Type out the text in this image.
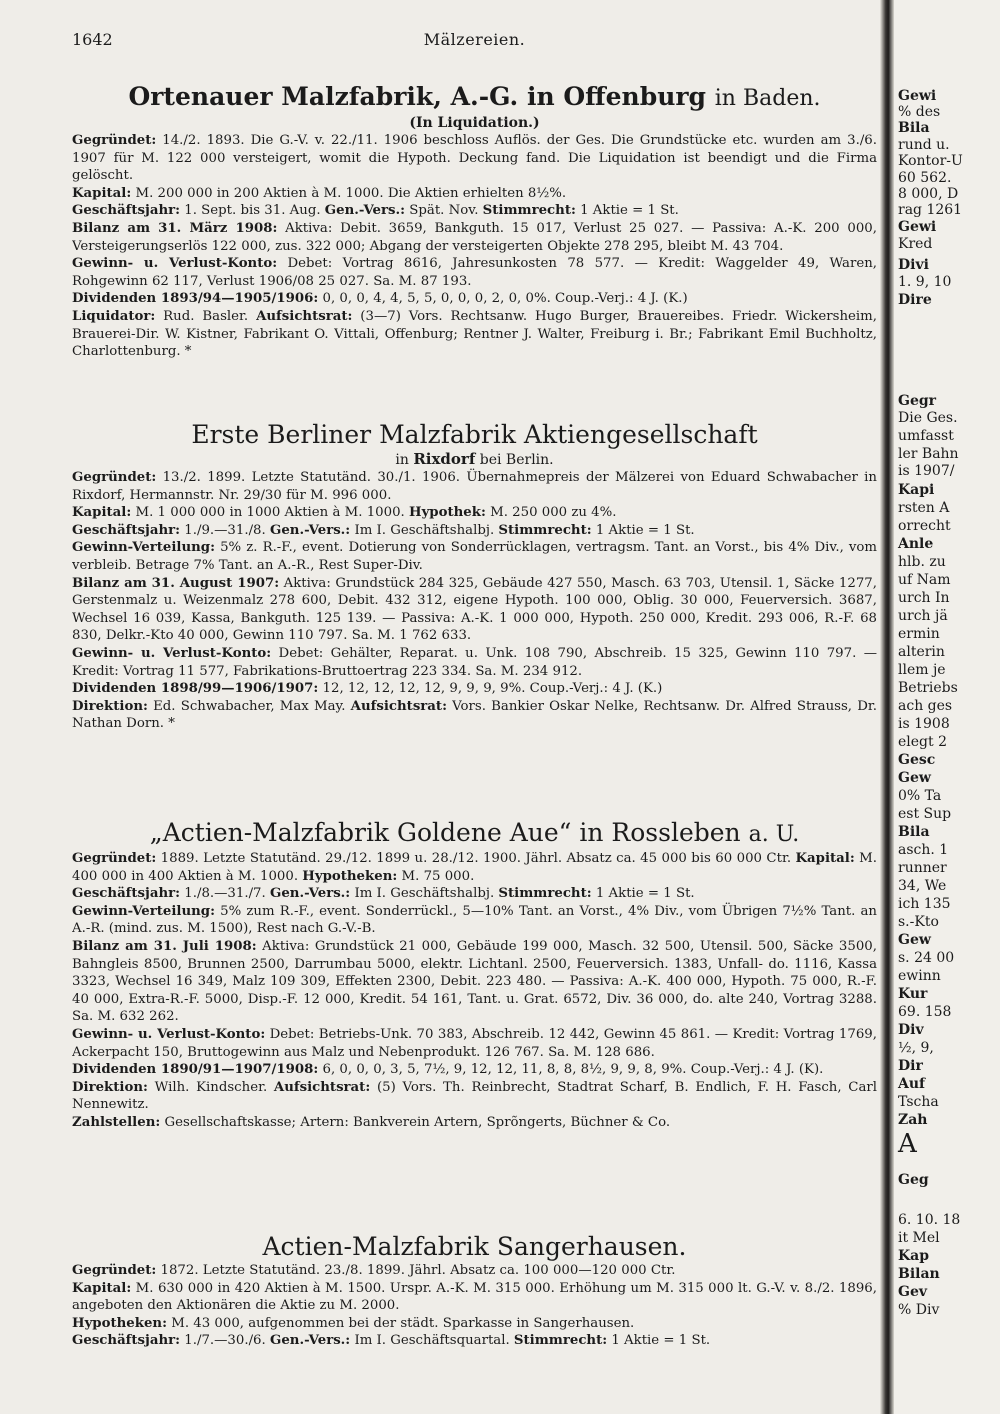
1642	Mälzereien.
Ortenauer Malzfabrik, A.-G. in Offenburg in Baden.

(In Liquidation.)

Gegründet: 14./2. 1893. Die G.-V. v. 22./11. 1906 beschloss Auflös. der Ges. Die Grundstücke etc. wurden am 3./6. 1907 für M. 122 000 versteigert, womit die Hypoth. Deckung fand. Die Liquidation ist beendigt und die Firma gelöscht.

Kapital: M. 200 000 in 200 Aktien à M. 1000. Die Aktien erhielten 8½%.

Geschäftsjahr: 1. Sept. bis 31. Aug. Gen.-Vers.: Spät. Nov. Stimmrecht: 1 Aktie = 1 St.

Bilanz am 31. März 1908: Aktiva: Debit. 3659, Bankguth. 15 017, Verlust 25 027. — Passiva: A.-K. 200 000, Versteigerungserlös 122 000, zus. 322 000; Abgang der versteigerten Objekte 278 295, bleibt M. 43 704.

Gewinn- u. Verlust-Konto: Debet: Vortrag 8616, Jahresunkosten 78 577. — Kredit: Waggelder 49, Waren, Rohgewinn 62 117, Verlust 1906/08 25 027. Sa. M. 87 193.

Dividenden 1893/94—1905/1906: 0, 0, 0, 4, 4, 5, 5, 0, 0, 0, 2, 0, 0%. Coup.-Verj.: 4 J. (K.)

Liquidator: Rud. Basler. Aufsichtsrat: (3—7) Vors. Rechtsanw. Hugo Burger, Brauereibes. Friedr. Wickersheim, Brauerei-Dir. W. Kistner, Fabrikant O. Vittali, Offenburg; Rentner J. Walter, Freiburg i. Br.; Fabrikant Emil Buchholtz, Charlottenburg. *

Erste Berliner Malzfabrik Aktiengesellschaft

in Rixdorf bei Berlin.

Gegründet: 13./2. 1899. Letzte Statutänd. 30./1. 1906. Übernahmepreis der Mälzerei von Eduard Schwabacher in Rixdorf, Hermannstr. Nr. 29/30 für M. 996 000.

Kapital: M. 1 000 000 in 1000 Aktien à M. 1000. Hypothek: M. 250 000 zu 4%.

Geschäftsjahr: 1./9.—31./8. Gen.-Vers.: Im I. Geschäftshalbj. Stimmrecht: 1 Aktie = 1 St.

Gewinn-Verteilung: 5% z. R.-F., event. Dotierung von Sonderrücklagen, vertragsm. Tant. an Vorst., bis 4% Div., vom verbleib. Betrage 7% Tant. an A.-R., Rest Super-Div.

Bilanz am 31. August 1907: Aktiva: Grundstück 284 325, Gebäude 427 550, Masch. 63 703, Utensil. 1, Säcke 1277, Gerstenmalz u. Weizenmalz 278 600, Debit. 432 312, eigene Hypoth. 100 000, Oblig. 30 000, Feuerversich. 3687, Wechsel 16 039, Kassa, Bankguth. 125 139. — Passiva: A.-K. 1 000 000, Hypoth. 250 000, Kredit. 293 006, R.-F. 68 830, Delkr.-Kto 40 000, Gewinn 110 797. Sa. M. 1 762 633.

Gewinn- u. Verlust-Konto: Debet: Gehälter, Reparat. u. Unk. 108 790, Abschreib. 15 325, Gewinn 110 797. — Kredit: Vortrag 11 577, Fabrikations-Bruttoertrag 223 334. Sa. M. 234 912.

Dividenden 1898/99—1906/1907: 12, 12, 12, 12, 12, 9, 9, 9, 9%. Coup.-Verj.: 4 J. (K.)

Direktion: Ed. Schwabacher, Max May. Aufsichtsrat: Vors. Bankier Oskar Nelke, Rechtsanw. Dr. Alfred Strauss, Dr. Nathan Dorn. *

„Actien-Malzfabrik Goldene Aue“ in Rossleben a. U.

Gegründet: 1889. Letzte Statutänd. 29./12. 1899 u. 28./12. 1900. Jährl. Absatz ca. 45 000 bis 60 000 Ctr. Kapital: M. 400 000 in 400 Aktien à M. 1000. Hypotheken: M. 75 000.

Geschäftsjahr: 1./8.—31./7. Gen.-Vers.: Im I. Geschäftshalbj. Stimmrecht: 1 Aktie = 1 St.

Gewinn-Verteilung: 5% zum R.-F., event. Sonderrückl., 5—10% Tant. an Vorst., 4% Div., vom Übrigen 7½% Tant. an A.-R. (mind. zus. M. 1500), Rest nach G.-V.-B.

Bilanz am 31. Juli 1908: Aktiva: Grundstück 21 000, Gebäude 199 000, Masch. 32 500, Utensil. 500, Säcke 3500, Bahngleis 8500, Brunnen 2500, Darrumbau 5000, elektr. Lichtanl. 2500, Feuerversich. 1383, Unfall- do. 1116, Kassa 3323, Wechsel 16 349, Malz 109 309, Effekten 2300, Debit. 223 480. — Passiva: A.-K. 400 000, Hypoth. 75 000, R.-F. 40 000, Extra-R.-F. 5000, Disp.-F. 12 000, Kredit. 54 161, Tant. u. Grat. 6572, Div. 36 000, do. alte 240, Vortrag 3288. Sa. M. 632 262.

Gewinn- u. Verlust-Konto: Debet: Betriebs-Unk. 70 383, Abschreib. 12 442, Gewinn 45 861. — Kredit: Vortrag 1769, Ackerpacht 150, Bruttogewinn aus Malz und Nebenprodukt. 126 767. Sa. M. 128 686.

Dividenden 1890/91—1907/1908: 6, 0, 0, 0, 3, 5, 7½, 9, 12, 12, 11, 8, 8, 8½, 9, 9, 8, 9%. Coup.-Verj.: 4 J. (K).

Direktion: Wilh. Kindscher. Aufsichtsrat: (5) Vors. Th. Reinbrecht, Stadtrat Scharf, B. Endlich, F. H. Fasch, Carl Nennewitz.

Zahlstellen: Gesellschaftskasse; Artern: Bankverein Artern, Sprõngerts, Büchner & Co.

Actien-Malzfabrik Sangerhausen.

Gegründet: 1872. Letzte Statutänd. 23./8. 1899. Jährl. Absatz ca. 100 000—120 000 Ctr.

Kapital: M. 630 000 in 420 Aktien à M. 1500. Urspr. A.-K. M. 315 000. Erhöhung um M. 315 000 lt. G.-V. v. 8./2. 1896, angeboten den Aktionären die Aktie zu M. 2000.

Hypotheken: M. 43 000, aufgenommen bei der städt. Sparkasse in Sangerhausen.

Geschäftsjahr: 1./7.—30./6. Gen.-Vers.: Im I. Geschäftsquartal. Stimmrecht: 1 Aktie = 1 St.

Gewi
% des
Bila
rund u.
Kontor-U
60 562.
8 000, D
rag 1261
Gewi
Kred
Divi
1. 9, 10
Dire
Gegr
Die Ges.
umfasst
ler Bahn
is 1907/
Kapi
rsten A
orrecht
Anle
hlb. zu
uf Nam
urch In
urch jä
ermin
alterin
llem je
Betriebs
ach ges
is 1908
elegt 2
Gesc
Gew
0% Ta
est Sup
Bila
asch. 1
runner
34, We
ich 135
s.-Kto
Gew
s. 24 00
ewinn
Kur
69. 158
Div
½, 9,
Dir
Auf
Tscha
Zah
A
Geg
6. 10. 18
it Mel
Kap
Bilan
Gev
% Div
